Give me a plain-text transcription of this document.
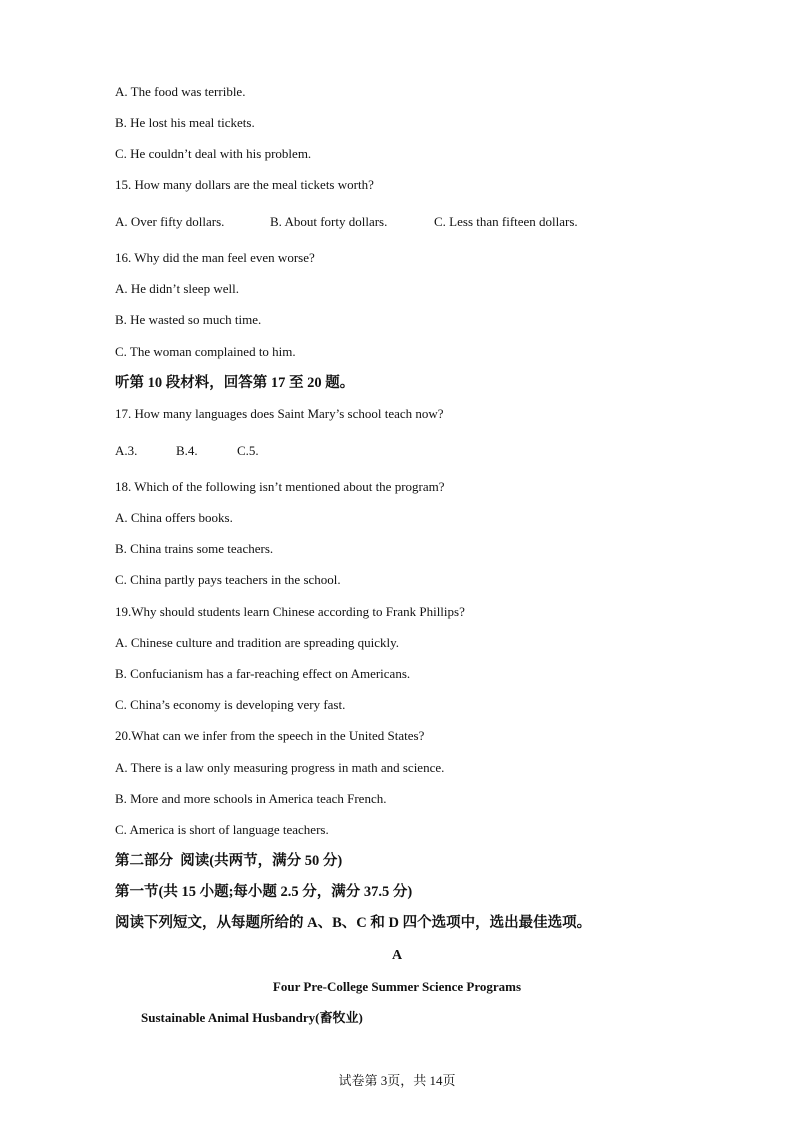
A. The food was terrible.
B. He lost his meal tickets.
C. He couldn’t deal with his problem.
15. How many dollars are the meal tickets worth?
A. Over fifty dollars.	B. About forty dollars.	C. Less than fifteen dollars.
16. Why did the man feel even worse?
A. He didn’t sleep well.
B. He wasted so much time.
C. The woman complained to him.
听第 10 段材料，回答第 17 至 20 题。
17. How many languages does Saint Mary’s school teach now?
A.3.	B.4.	C.5.
18. Which of the following isn’t mentioned about the program?
A. China offers books.
B. China trains some teachers.
C. China partly pays teachers in the school.
19.Why should students learn Chinese according to Frank Phillips?
A. Chinese culture and tradition are spreading quickly.
B. Confucianism has a far-reaching effect on Americans.
C. China’s economy is developing very fast.
20.What can we infer from the speech in the United States?
A. There is a law only measuring progress in math and science.
B. More and more schools in America teach French.
C. America is short of language teachers.
第二部分  阅读(共两节，满分 50 分)
第一节(共 15 小题;每小题 2.5 分，满分 37.5 分)
阅读下列短文，从每题所给的 A、B、C 和 D 四个选项中，选出最佳选项。
A
Four Pre-College Summer Science Programs
Sustainable Animal Husbandry(畜牧业)
试卷第 3页，共 14页
